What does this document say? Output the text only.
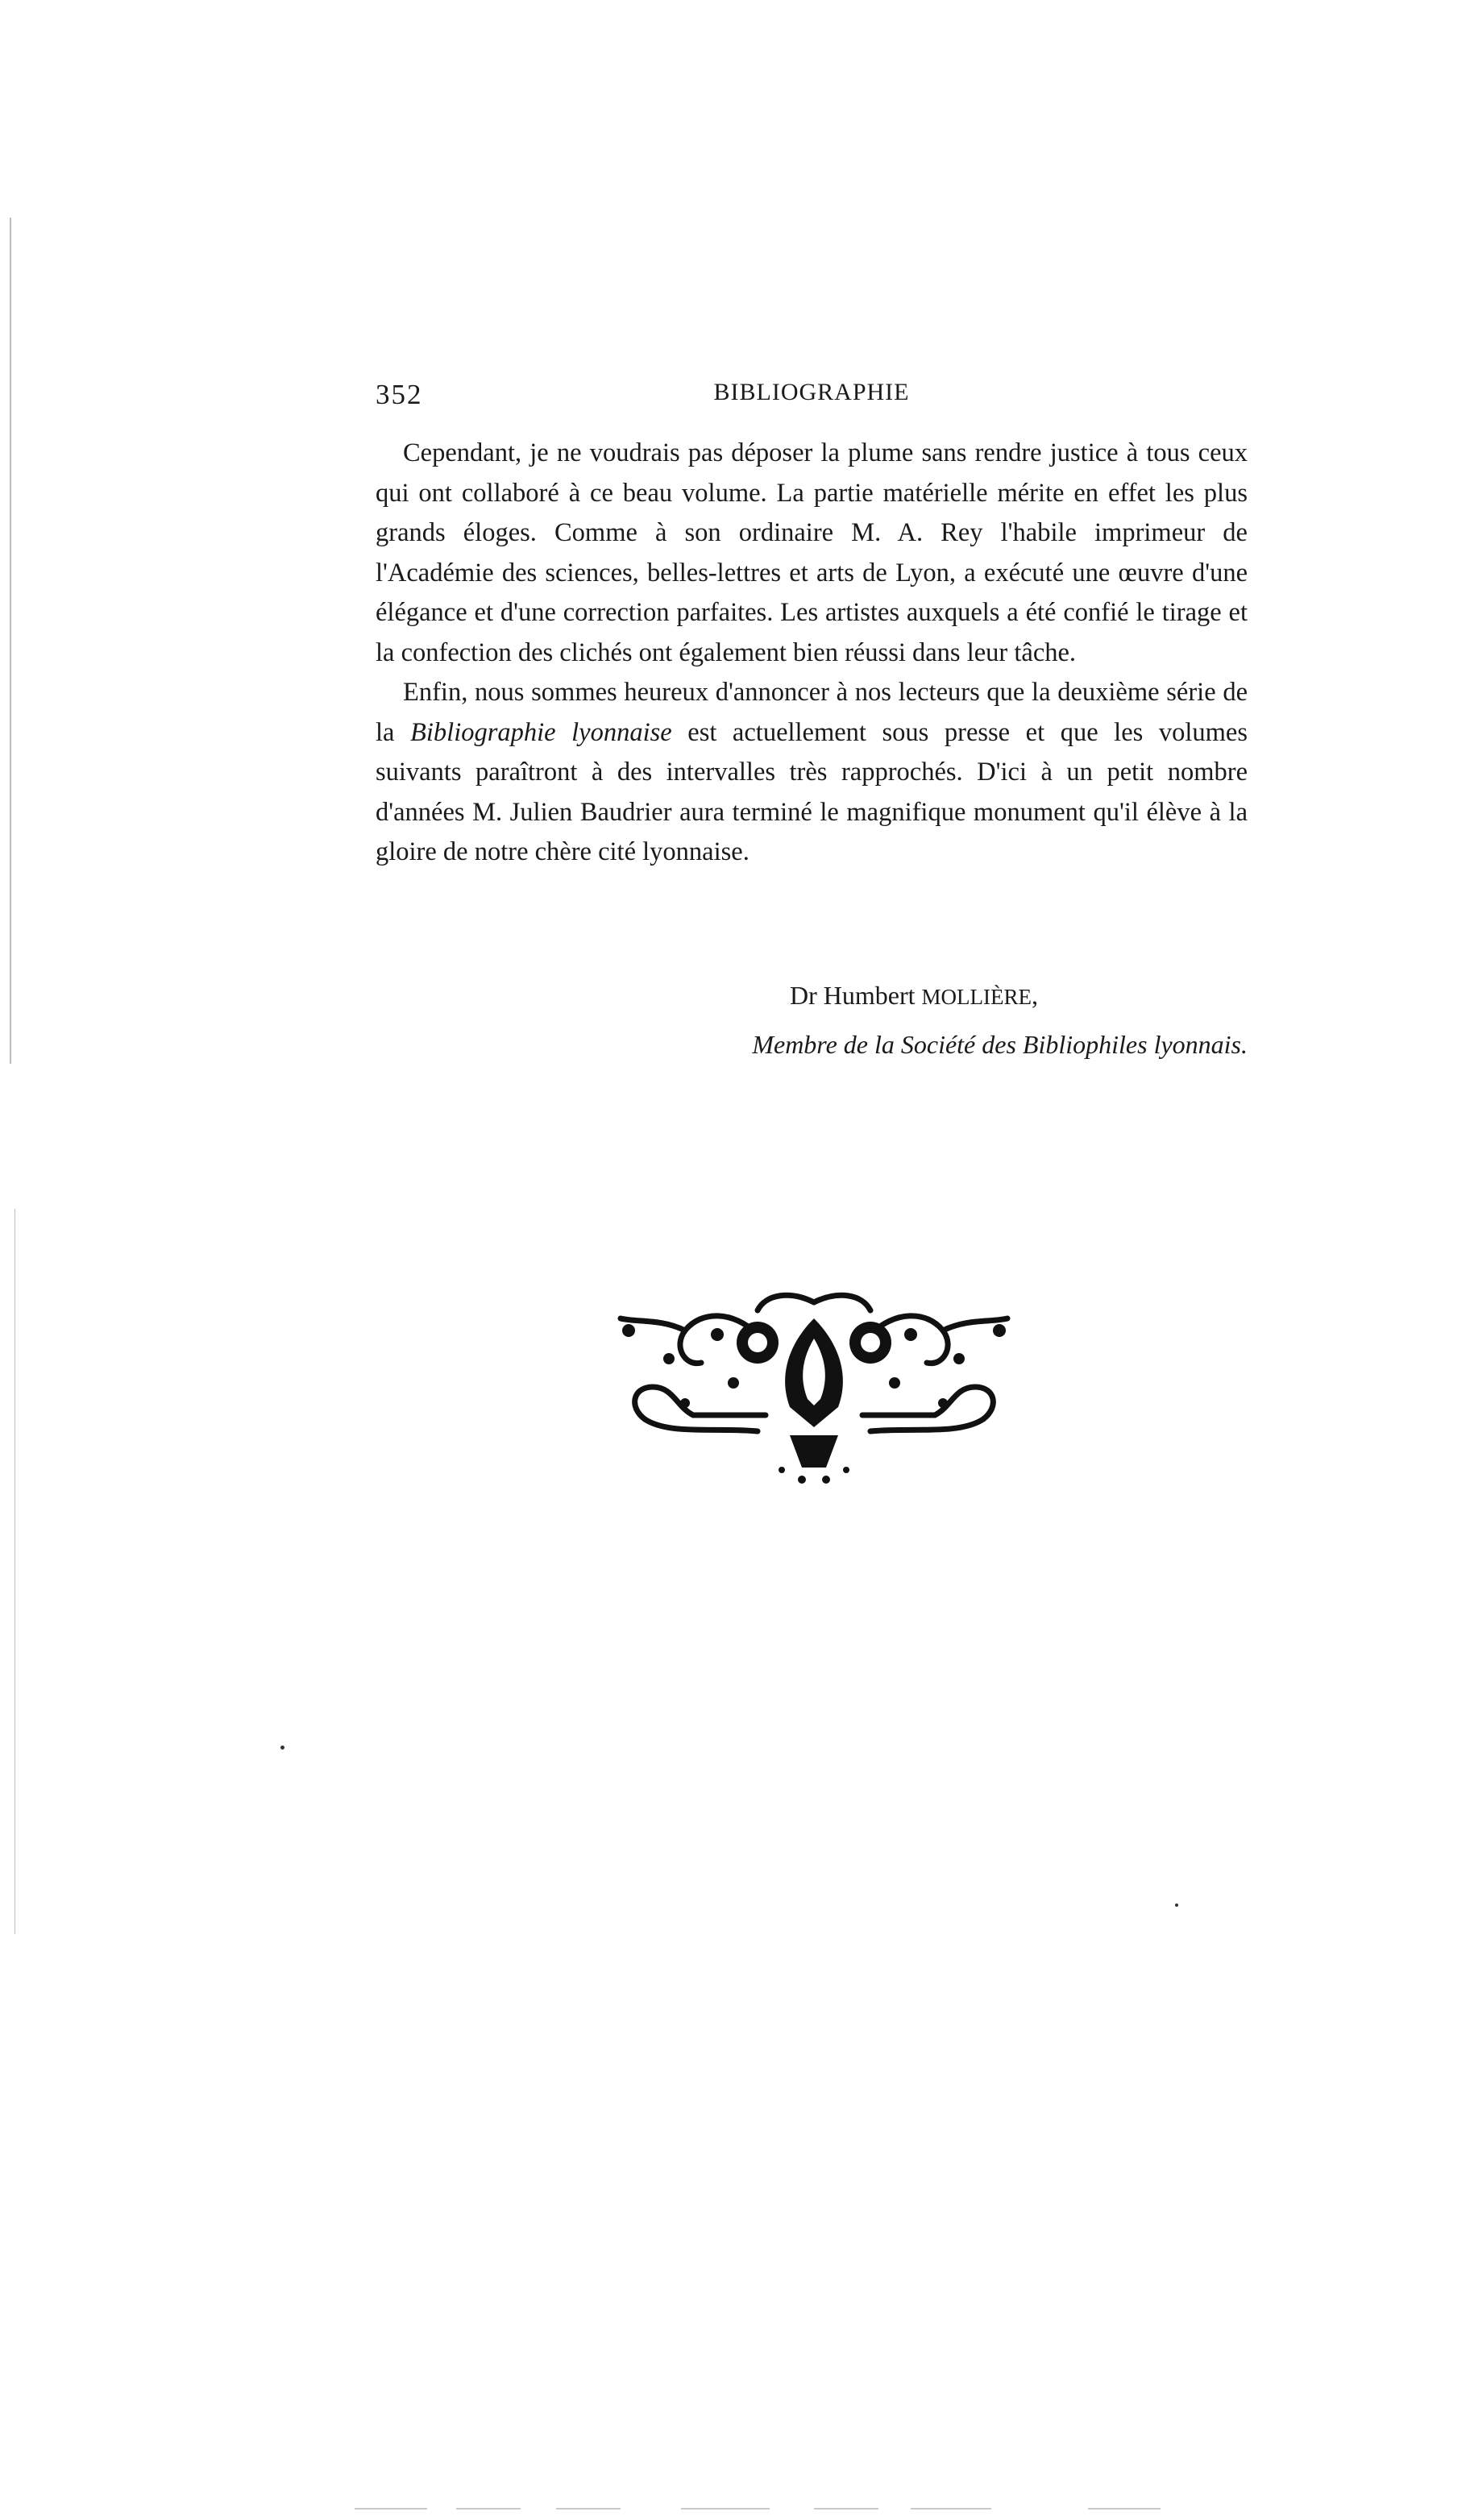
352	BIBLIOGRAPHIE

Cependant, je ne voudrais pas déposer la plume sans rendre justice à tous ceux qui ont collaboré à ce beau volume. La partie matérielle mérite en effet les plus grands éloges. Comme à son ordinaire M. A. Rey l'habile imprimeur de l'Académie des sciences, belles-lettres et arts de Lyon, a exécuté une œuvre d'une élégance et d'une correction parfaites. Les artistes auxquels a été confié le tirage et la confection des clichés ont également bien réussi dans leur tâche.

Enfin, nous sommes heureux d'annoncer à nos lecteurs que la deuxième série de la Bibliographie lyonnaise est actuellement sous presse et que les volumes suivants paraîtront à des intervalles très rapprochés. D'ici à un petit nombre d'années M. Julien Baudrier aura terminé le magnifique monument qu'il élève à la gloire de notre chère cité lyonnaise.

Dr Humbert MOLLIÈRE,
Membre de la Société des Bibliophiles lyonnais.
